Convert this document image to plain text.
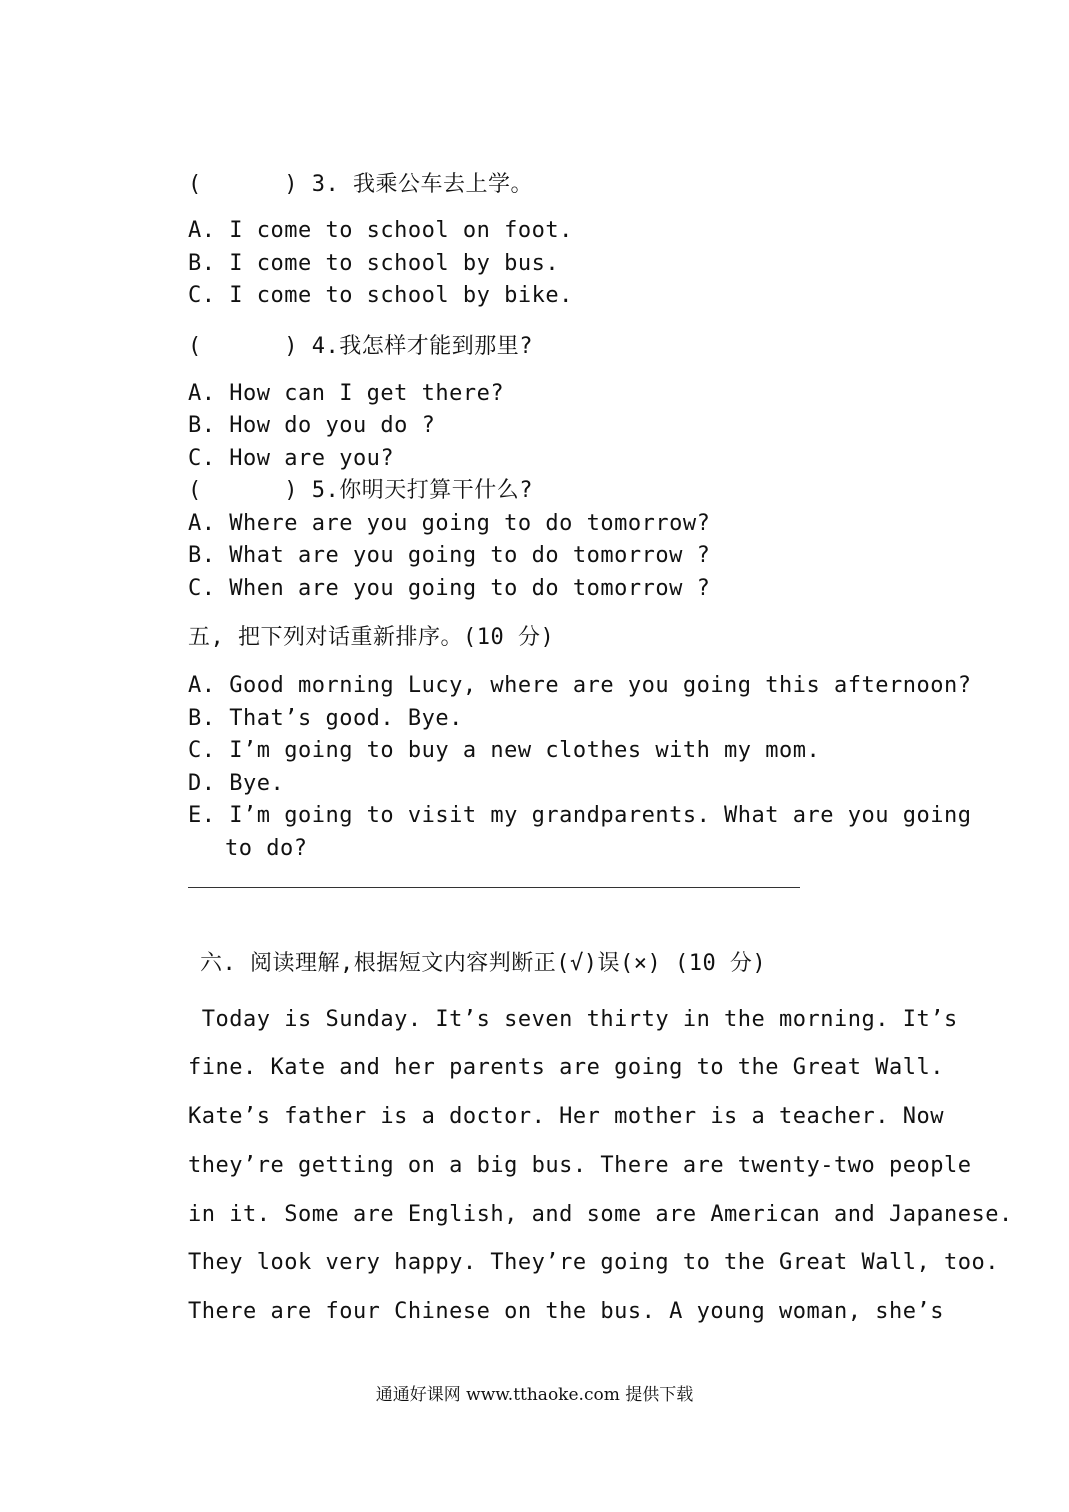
(      ) 3. 我乘公车去上学。
A. I come to school on foot.
B. I come to school by bus.
C. I come to school by bike.
(      ) 4.我怎样才能到那里?
A. How can I get there?
B. How do you do ?
C. How are you?
(      ) 5.你明天打算干什么?
A. Where are you going to do tomorrow?
B. What are you going to do tomorrow ?
C. When are you going to do tomorrow ?
五, 把下列对话重新排序。(10 分)
A. Good morning Lucy, where are you going this afternoon?
B. That’s good. Bye.
C. I’m going to buy a new clothes with my mom.
D. Bye.
E. I’m going to visit my grandparents. What are you going
to do?
六. 阅读理解,根据短文内容判断正(√)误(×) (10 分)
Today is Sunday. It’s seven thirty in the morning. It’s
fine. Kate and her parents are going to the Great Wall.
Kate’s father is a doctor. Her mother is a teacher. Now
they’re getting on a big bus. There are twenty-two people
in it. Some are English, and some are American and Japanese.
They look very happy. They’re going to the Great Wall, too.
There are four Chinese on the bus. A young woman, she’s
通通好课网 www.tthaoke.com 提供下载
